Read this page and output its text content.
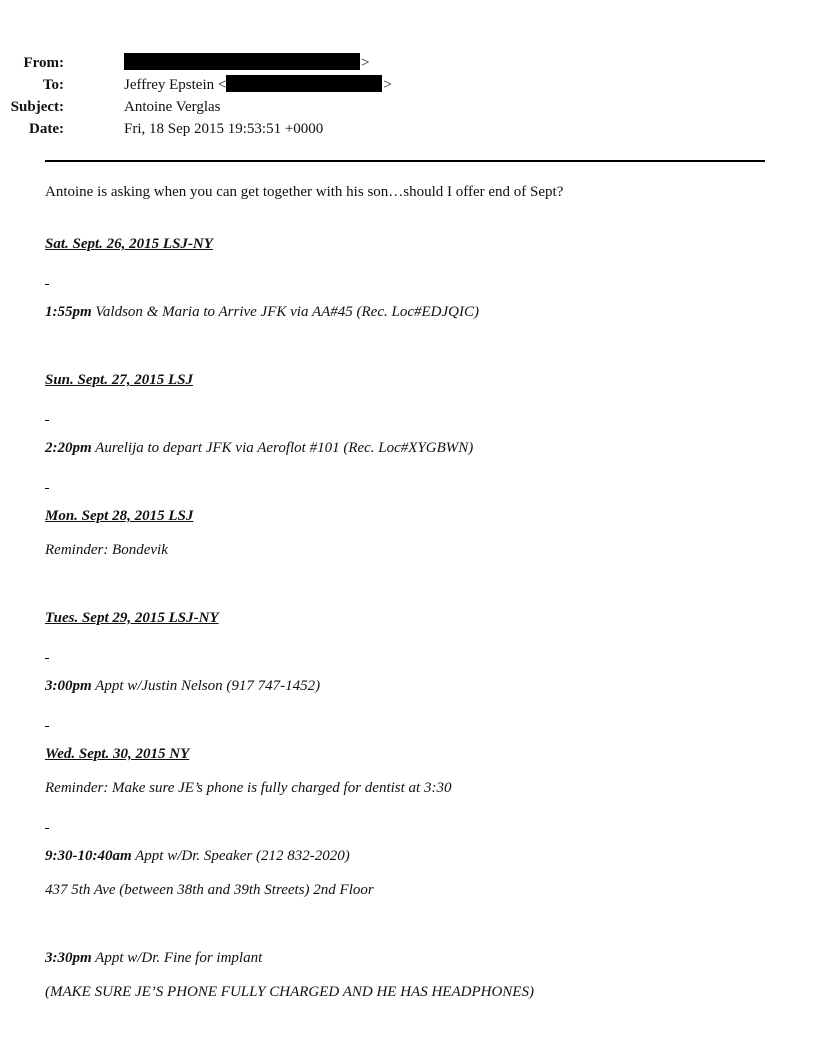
From:	>
To:	Jeffrey Epstein <	>
Subject:	Antoine Verglas
Date:	Fri, 18 Sep 2015 19:53:51 +0000
Antoine is asking when you can get together with his son…should I offer end of Sept?
Sat. Sept. 26, 2015 LSJ-NY
1:55pm Valdson & Maria to Arrive JFK via AA#45 (Rec. Loc#EDJQIC)
Sun. Sept. 27, 2015 LSJ
2:20pm Aurelija to depart JFK via Aeroflot #101 (Rec. Loc#XYGBWN)
Mon. Sept 28, 2015 LSJ
Reminder: Bondevik
Tues. Sept 29, 2015 LSJ-NY
3:00pm Appt w/Justin Nelson (917 747-1452)
Wed. Sept. 30, 2015 NY
Reminder: Make sure JE’s phone is fully charged for dentist at 3:30
9:30-10:40am Appt w/Dr. Speaker (212 832-2020)
437 5th Ave (between 38th and 39th Streets) 2nd Floor
3:30pm Appt w/Dr. Fine for implant
(MAKE SURE JE’S PHONE FULLY CHARGED AND HE HAS HEADPHONES)
